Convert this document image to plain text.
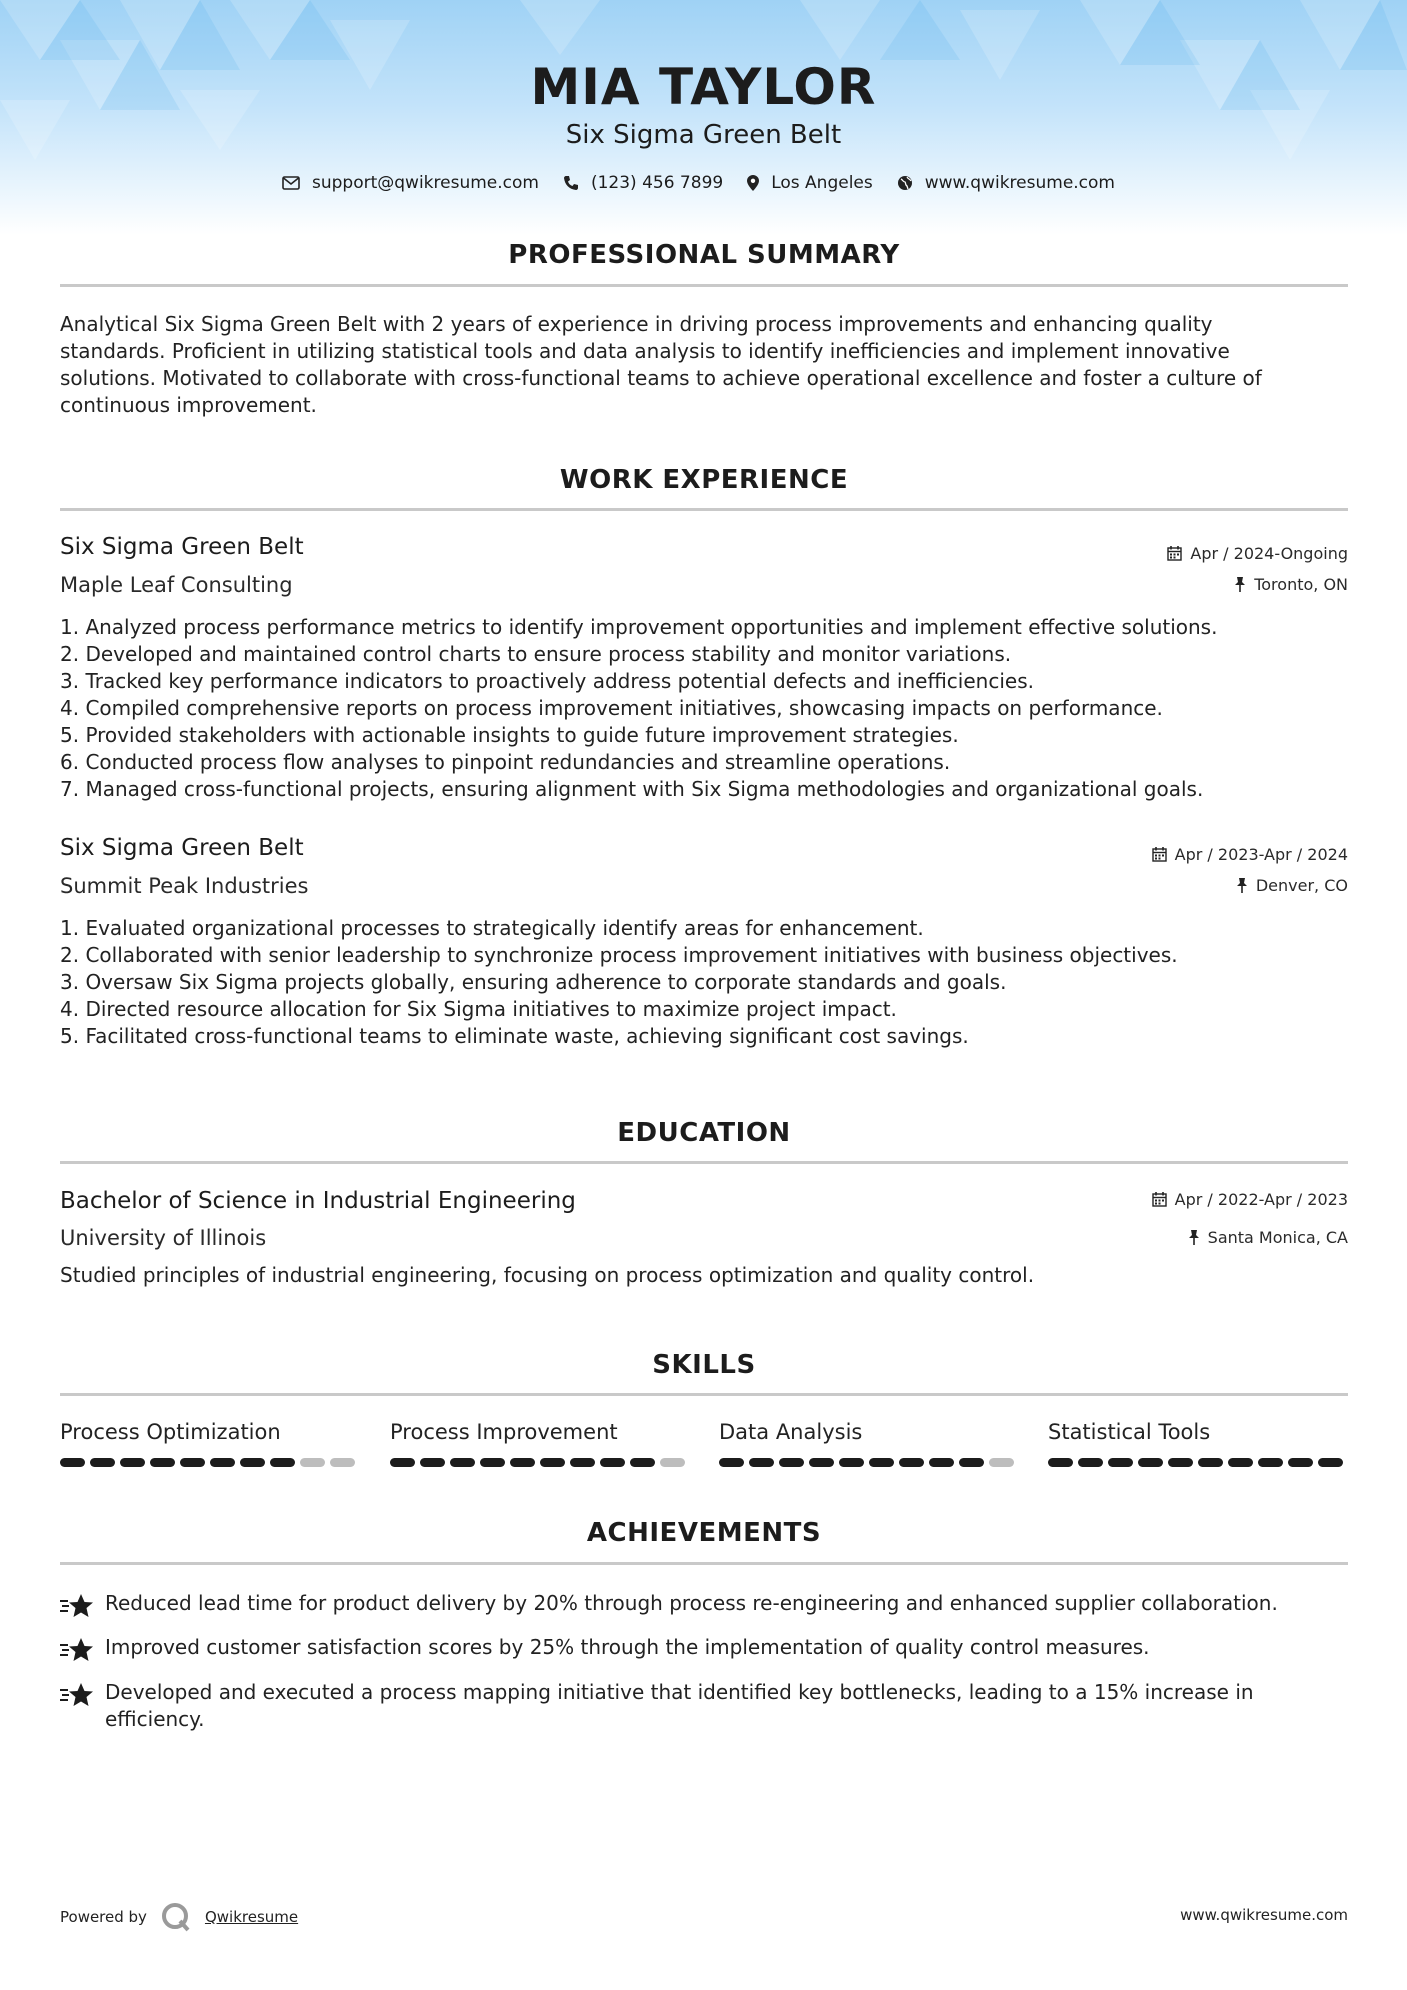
MIA TAYLOR
Six Sigma Green Belt
support@qwikresume.com	(123) 456 7899	Los Angeles	www.qwikresume.com
PROFESSIONAL SUMMARY
Analytical Six Sigma Green Belt with 2 years of experience in driving process improvements and enhancing quality
standards. Proficient in utilizing statistical tools and data analysis to identify inefficiencies and implement innovative
solutions. Motivated to collaborate with cross-functional teams to achieve operational excellence and foster a culture of
continuous improvement.
WORK EXPERIENCE
Six Sigma Green Belt	Apr / 2024-Ongoing
Maple Leaf Consulting	Toronto, ON
1. Analyzed process performance metrics to identify improvement opportunities and implement effective solutions.
2. Developed and maintained control charts to ensure process stability and monitor variations.
3. Tracked key performance indicators to proactively address potential defects and inefficiencies.
4. Compiled comprehensive reports on process improvement initiatives, showcasing impacts on performance.
5. Provided stakeholders with actionable insights to guide future improvement strategies.
6. Conducted process flow analyses to pinpoint redundancies and streamline operations.
7. Managed cross-functional projects, ensuring alignment with Six Sigma methodologies and organizational goals.
Six Sigma Green Belt	Apr / 2023-Apr / 2024
Summit Peak Industries	Denver, CO
1. Evaluated organizational processes to strategically identify areas for enhancement.
2. Collaborated with senior leadership to synchronize process improvement initiatives with business objectives.
3. Oversaw Six Sigma projects globally, ensuring adherence to corporate standards and goals.
4. Directed resource allocation for Six Sigma initiatives to maximize project impact.
5. Facilitated cross-functional teams to eliminate waste, achieving significant cost savings.
EDUCATION
Bachelor of Science in Industrial Engineering	Apr / 2022-Apr / 2023
University of Illinois	Santa Monica, CA
Studied principles of industrial engineering, focusing on process optimization and quality control.
SKILLS
Process Optimization	Process Improvement	Data Analysis	Statistical Tools
ACHIEVEMENTS
Reduced lead time for product delivery by 20% through process re-engineering and enhanced supplier collaboration.
Improved customer satisfaction scores by 25% through the implementation of quality control measures.
Developed and executed a process mapping initiative that identified key bottlenecks, leading to a 15% increase in
efficiency.
Powered by	Qwikresume	www.qwikresume.com
